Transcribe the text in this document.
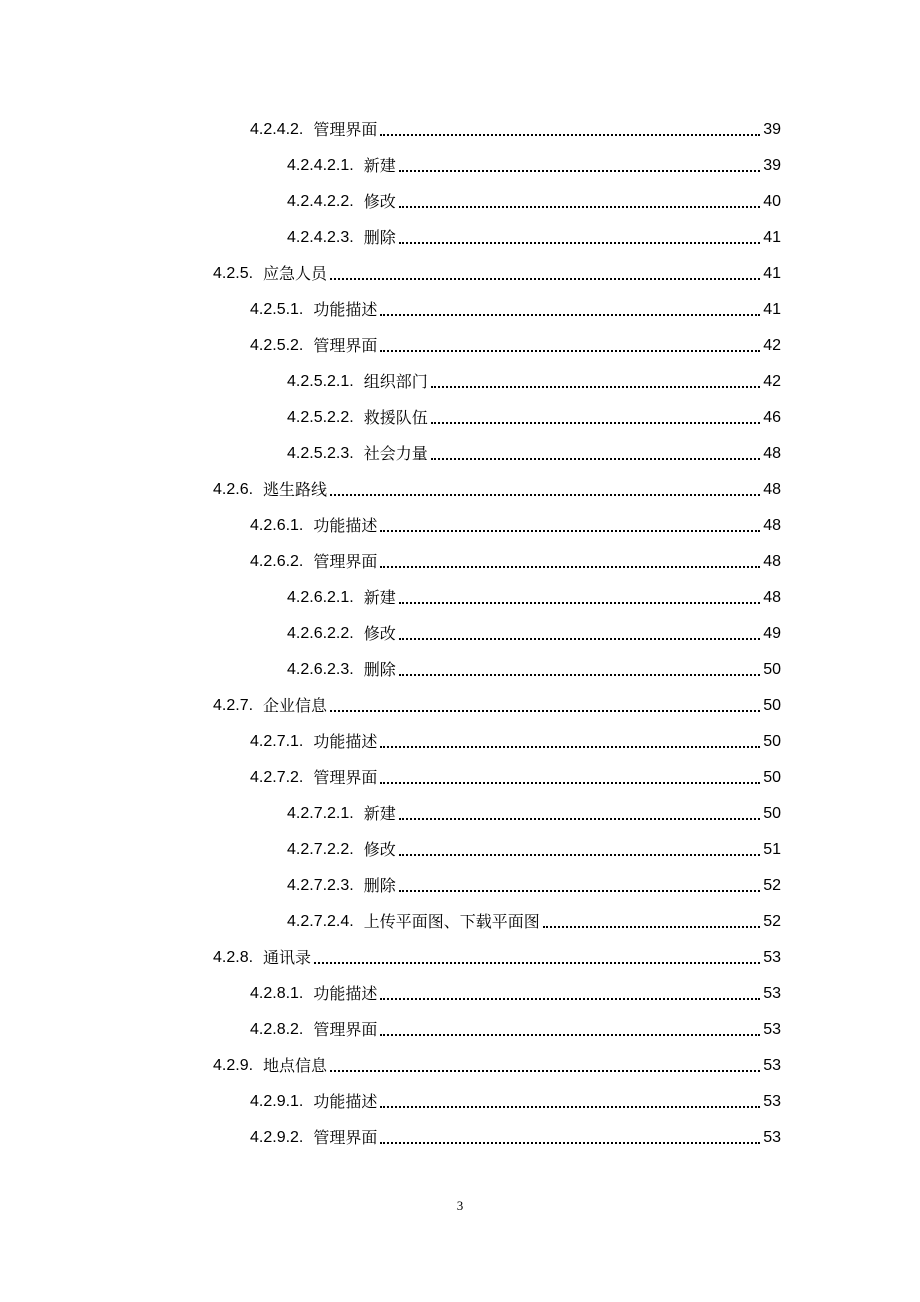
4.2.4.2. 管理界面	39
4.2.4.2.1. 新建	39
4.2.4.2.2. 修改	40
4.2.4.2.3. 删除	41
4.2.5. 应急人员	41
4.2.5.1. 功能描述	41
4.2.5.2. 管理界面	42
4.2.5.2.1. 组织部门	42
4.2.5.2.2. 救援队伍	46
4.2.5.2.3. 社会力量	48
4.2.6. 逃生路线	48
4.2.6.1. 功能描述	48
4.2.6.2. 管理界面	48
4.2.6.2.1. 新建	48
4.2.6.2.2. 修改	49
4.2.6.2.3. 删除	50
4.2.7. 企业信息	50
4.2.7.1. 功能描述	50
4.2.7.2. 管理界面	50
4.2.7.2.1. 新建	50
4.2.7.2.2. 修改	51
4.2.7.2.3. 删除	52
4.2.7.2.4. 上传平面图、下载平面图	52
4.2.8. 通讯录	53
4.2.8.1. 功能描述	53
4.2.8.2. 管理界面	53
4.2.9. 地点信息	53
4.2.9.1. 功能描述	53
4.2.9.2. 管理界面	53
3
